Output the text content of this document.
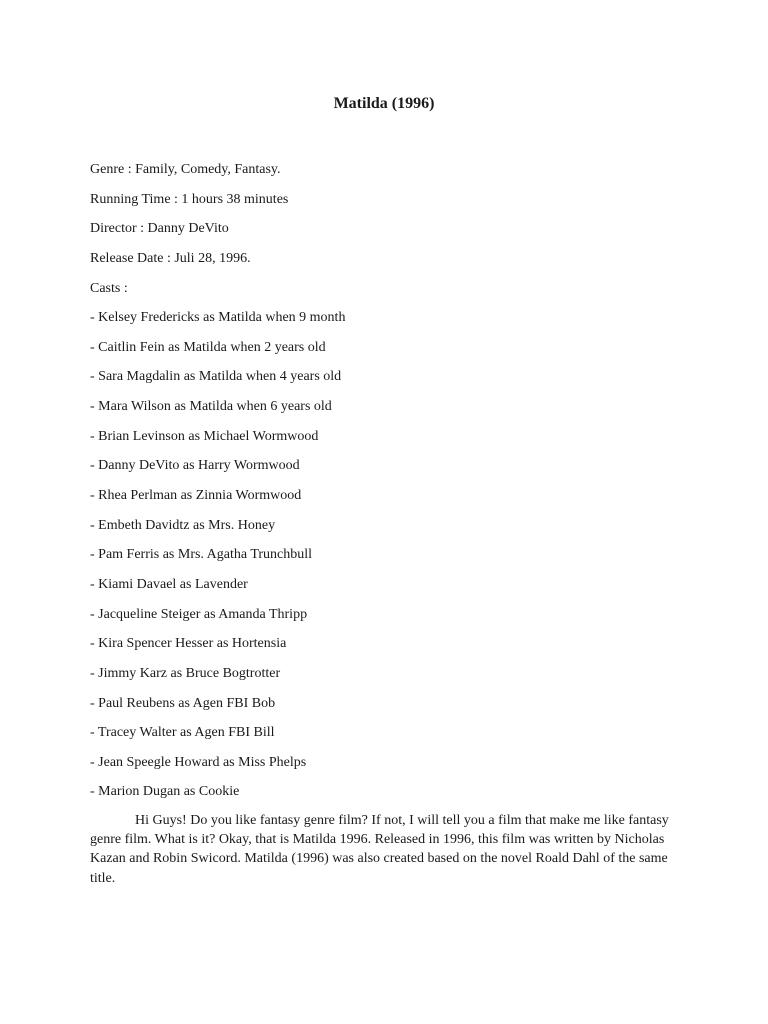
Matilda (1996)
Genre : Family, Comedy, Fantasy.
Running Time : 1 hours 38 minutes
Director : Danny DeVito
Release Date : Juli 28, 1996.
Casts :
- Kelsey Fredericks as Matilda when 9 month
- Caitlin Fein as Matilda when 2 years old
- Sara Magdalin as Matilda when 4 years old
- Mara Wilson as Matilda when 6 years old
- Brian Levinson as Michael Wormwood
- Danny DeVito as Harry Wormwood
- Rhea Perlman as Zinnia Wormwood
- Embeth Davidtz as Mrs. Honey
- Pam Ferris as Mrs. Agatha Trunchbull
- Kiami Davael as Lavender
- Jacqueline Steiger as Amanda Thripp
- Kira Spencer Hesser as Hortensia
- Jimmy Karz as Bruce Bogtrotter
- Paul Reubens as Agen FBI Bob
- Tracey Walter as Agen FBI Bill
- Jean Speegle Howard as Miss Phelps
- Marion Dugan as Cookie

Hi Guys! Do you like fantasy genre film? If not, I will tell you a film that make me like fantasy genre film. What is it? Okay, that is Matilda 1996. Released in 1996, this film was written by Nicholas Kazan and Robin Swicord. Matilda (1996) was also created based on the novel Roald Dahl of the same title.
